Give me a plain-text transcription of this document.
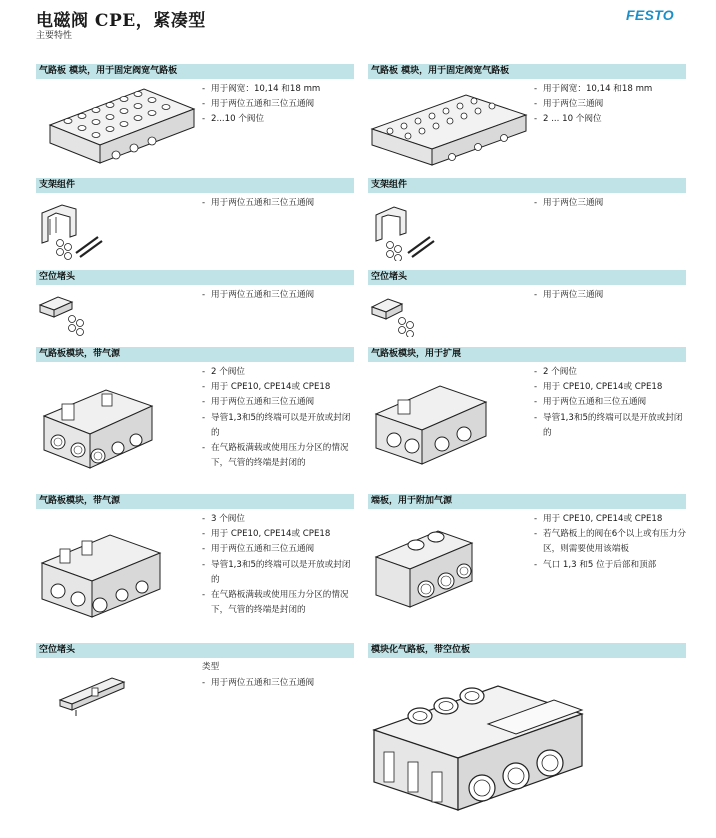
电磁阀 CPE，紧凑型
主要特性
FESTO
气路板 模块，用于固定阀宽气路板
- 用于阀宽：10,14 和18 mm
- 用于两位五通和三位五通阀
- 2...10 个阀位
气路板 模块，用于固定阀宽气路板
- 用于阀宽：10,14 和18 mm
- 用于两位三通阀
- 2 ... 10 个阀位
支架组件
- 用于两位五通和三位五通阀
支架组件
- 用于两位三通阀
空位堵头
- 用于两位五通和三位五通阀
空位堵头
- 用于两位三通阀
气路板模块，带气源
- 2 个阀位
- 用于 CPE10, CPE14或 CPE18
- 用于两位五通和三位五通阀
- 导管1,3和5的终端可以是开放或封闭的
- 在气路板满载或使用压力分区的情况下，气管的终端是封闭的
气路板模块，用于扩展
- 2 个阀位
- 用于 CPE10, CPE14或 CPE18
- 用于两位五通和三位五通阀
- 导管1,3和5的终端可以是开放或封闭的
气路板模块，带气源
- 3 个阀位
- 用于 CPE10, CPE14或 CPE18
- 用于两位五通和三位五通阀
- 导管1,3和5的终端可以是开放或封闭的
- 在气路板满载或使用压力分区的情况下，气管的终端是封闭的
端板，用于附加气源
- 用于 CPE10, CPE14或 CPE18
- 若气路板上的阀在6个以上或有压力分区，则需要使用该端板
- 气口 1,3 和5 位于后部和顶部
空位堵头
类型
- 用于两位五通和三位五通阀
模块化气路板，带空位板
